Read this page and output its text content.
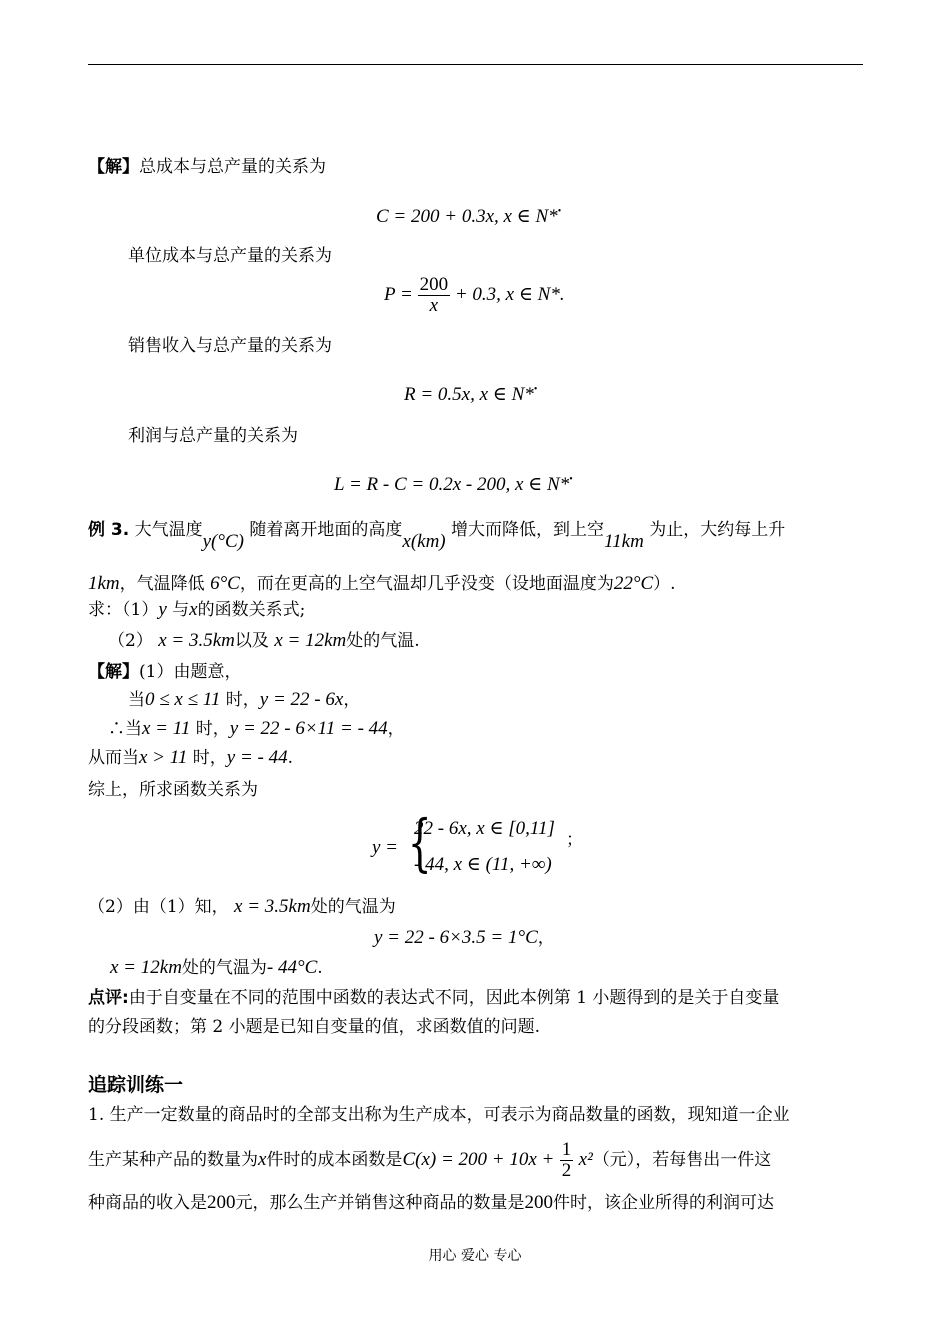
【解】总成本与总产量的关系为
C = 200 + 0.3x, x ∈ N*•
单位成本与总产量的关系为
$P = \frac{200}{x} + 0.3$, x ∈ N*.
销售收入与总产量的关系为
R = 0.5x, x ∈ N*•
利润与总产量的关系为
L = R - C = 0.2x - 200, x ∈ N*•
例 3. 大气温度y(°C) 随着离开地面的高度x(km) 增大而降低，到上空11km 为止，大约每上升
1km，气温降低 6°C，而在更高的上空气温却几乎没变（设地面温度为22°C）.
求：（1）y 与x的函数关系式;
（2） x = 3.5km以及 x = 12km处的气温.
【解】(1）由题意，
当0 ≤ x ≤ 11 时，y = 22 - 6x，
∴当x = 11 时，y = 22 - 6×11 = - 44，
从而当x > 11 时，y = - 44.
综上，所求函数关系为
y = {
22 - 6x, x ∈ [0,11]
- 44, x ∈ (11, +∞)
；
（2）由（1）知， x = 3.5km处的气温为
y = 22 - 6×3.5 = 1°C，
x = 12km处的气温为- 44°C.
点评:由于自变量在不同的范围中函数的表达式不同，因此本例第 1 小题得到的是关于自变量
的分段函数；第 2 小题是已知自变量的值，求函数值的问题.
追踪训练一
1. 生产一定数量的商品时的全部支出称为生产成本，可表示为商品数量的函数，现知道一企业
生产某种产品的数量为x件时的成本函数是$C(x) = 200 + 10x + \frac{1}{2} x^2$（元），若每售出一件这
种商品的收入是200元，那么生产并销售这种商品的数量是200件时，该企业所得的利润可达
用心 爱心 专心
